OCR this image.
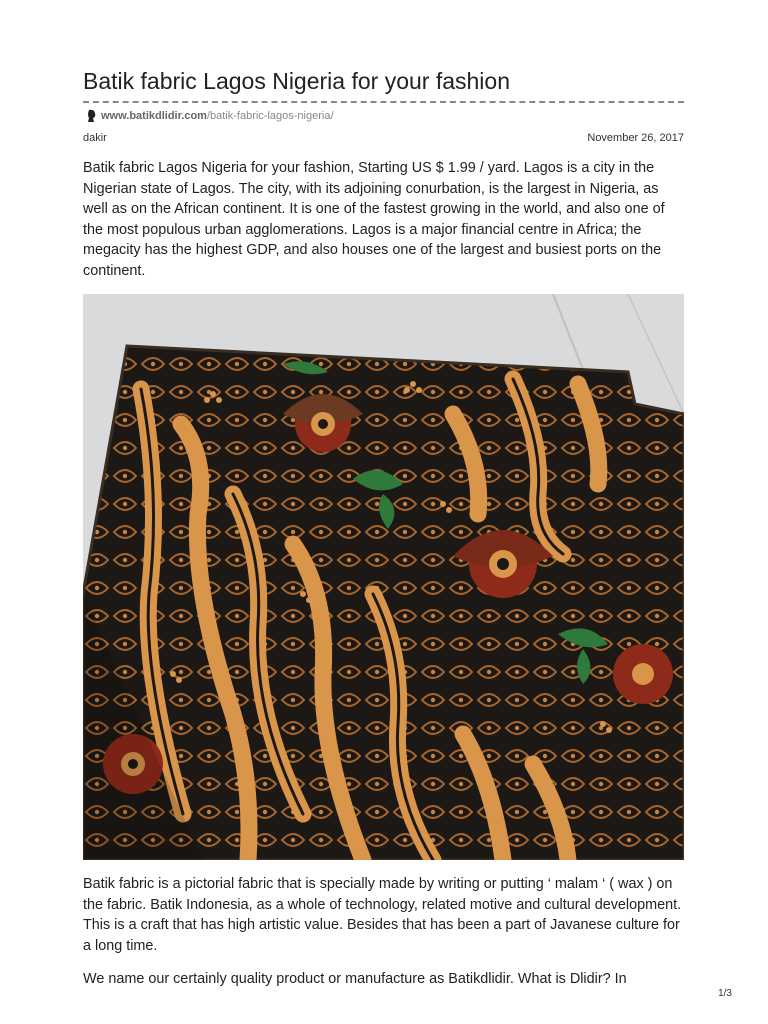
Batik fabric Lagos Nigeria for your fashion
www.batikdlidir.com /batik-fabric-lagos-nigeria/
dakir	November 26, 2017

Batik fabric Lagos Nigeria for your fashion, Starting US $ 1.99 / yard. Lagos is a city in the Nigerian state of Lagos. The city, with its adjoining conurbation, is the largest in Nigeria, as well as on the African continent. It is one of the fastest growing in the world, and also one of the most populous urban agglomerations. Lagos is a major financial centre in Africa; the megacity has the highest GDP, and also houses one of the largest and busiest ports on the continent.

Batik fabric is a pictorial fabric that is specially made by writing or putting ‘ malam ‘ ( wax ) on the fabric. Batik Indonesia, as a whole of technology, related motive and cultural development. This is a craft that has high artistic value. Besides that has been a part of Javanese culture for a long time.

We name our certainly quality product or manufacture as Batikdlidir. What is Dlidir? In

1/3
